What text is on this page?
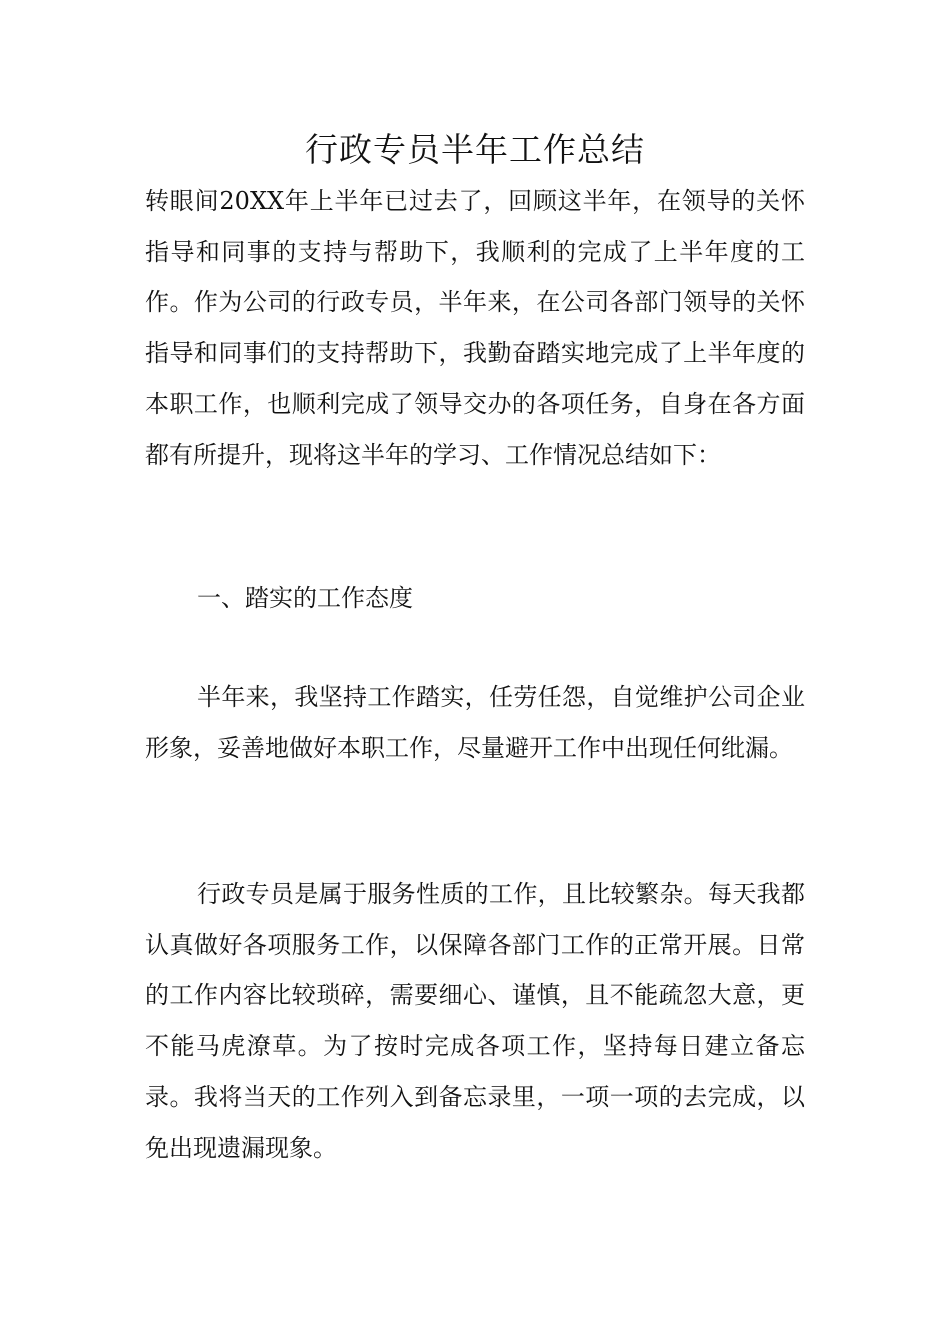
行政专员半年工作总结

转眼间20XX年上半年已过去了，回顾这半年，在领导的关怀指导和同事的支持与帮助下，我顺利的完成了上半年度的工作。作为公司的行政专员，半年来，在公司各部门领导的关怀指导和同事们的支持帮助下，我勤奋踏实地完成了上半年度的本职工作，也顺利完成了领导交办的各项任务，自身在各方面都有所提升，现将这半年的学习、工作情况总结如下：

一、踏实的工作态度

半年来，我坚持工作踏实，任劳任怨，自觉维护公司企业形象，妥善地做好本职工作，尽量避开工作中出现任何纰漏。

行政专员是属于服务性质的工作，且比较繁杂。每天我都认真做好各项服务工作，以保障各部门工作的正常开展。日常的工作内容比较琐碎，需要细心、谨慎，且不能疏忽大意，更不能马虎潦草。为了按时完成各项工作，坚持每日建立备忘录。我将当天的工作列入到备忘录里，一项一项的去完成，以免出现遗漏现象。
